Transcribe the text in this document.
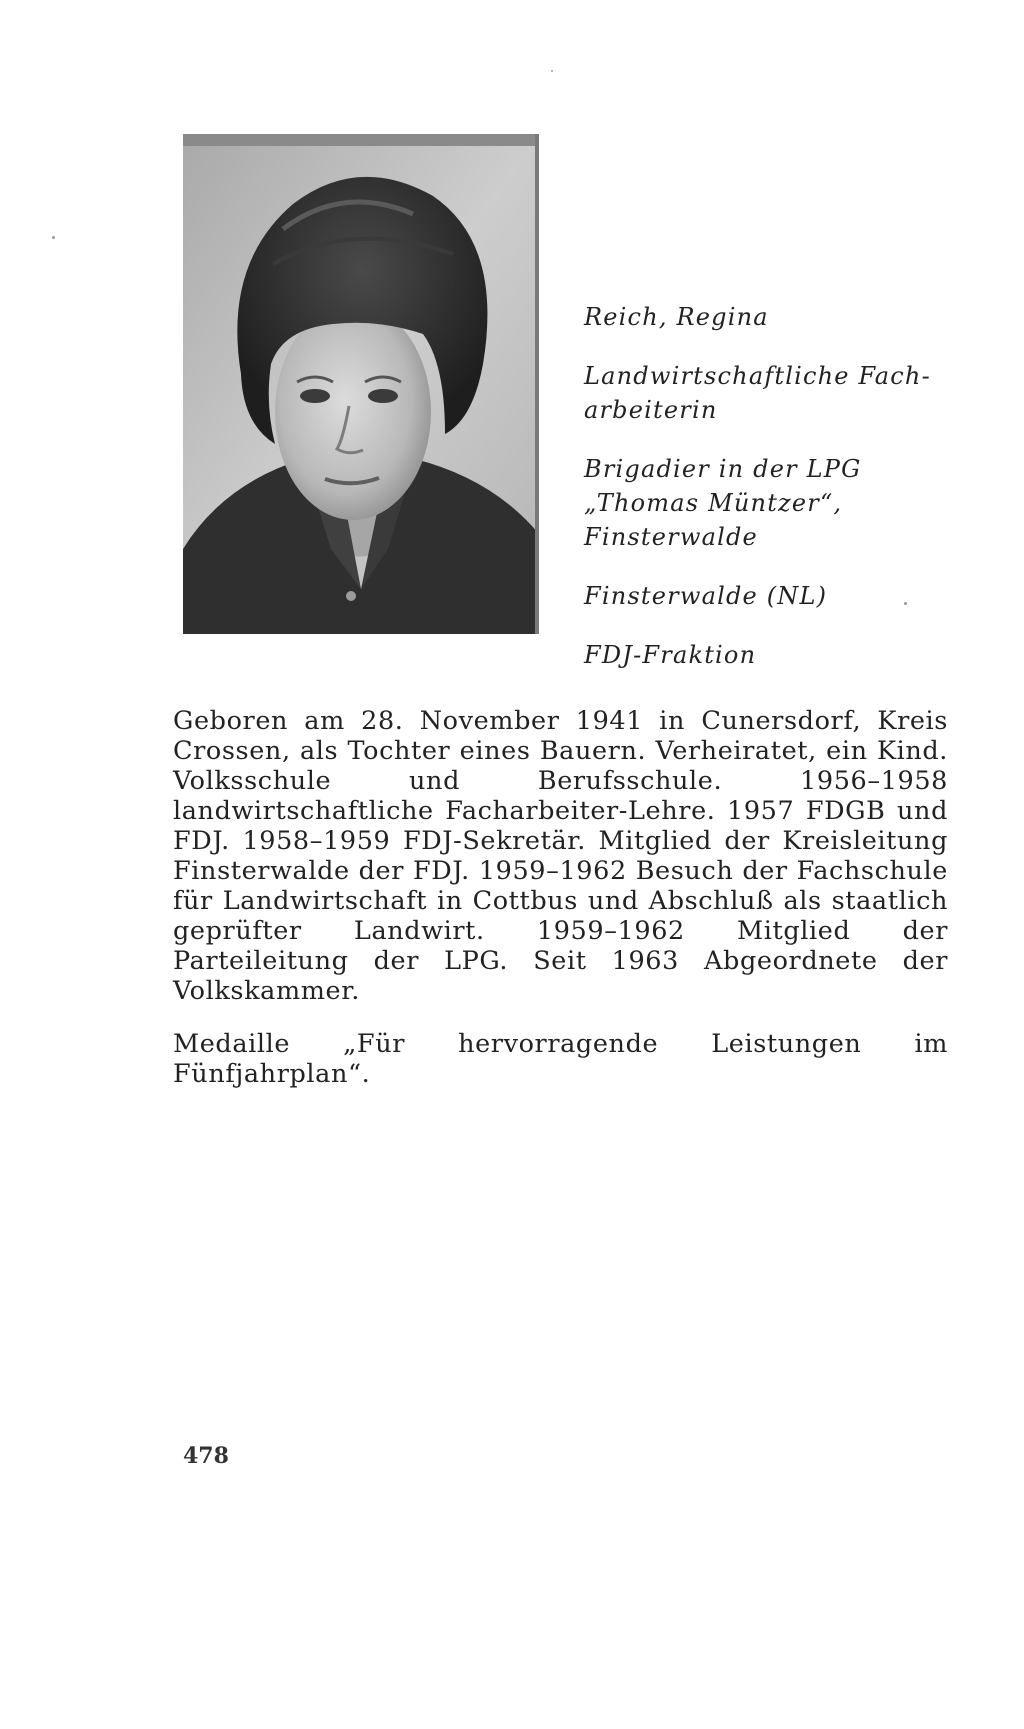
Reich, Regina

Landwirtschaftliche Fach-
arbeiterin

Brigadier in der LPG
„Thomas Müntzer“,
Finsterwalde

Finsterwalde (NL)

FDJ-Fraktion

Geboren am 28. November 1941 in Cunersdorf, Kreis Crossen, als Tochter eines Bauern. Verheiratet, ein Kind. Volksschule und Berufsschule. 1956–1958 landwirtschaftliche Facharbeiter-Lehre. 1957 FDGB und FDJ. 1958–1959 FDJ-Sekretär. Mitglied der Kreisleitung Finsterwalde der FDJ. 1959–1962 Besuch der Fachschule für Landwirtschaft in Cottbus und Abschluß als staatlich geprüfter Landwirt. 1959–1962 Mitglied der Parteileitung der LPG. Seit 1963 Abgeordnete der Volkskammer.

Medaille „Für hervorragende Leistungen im Fünfjahrplan“.

478
